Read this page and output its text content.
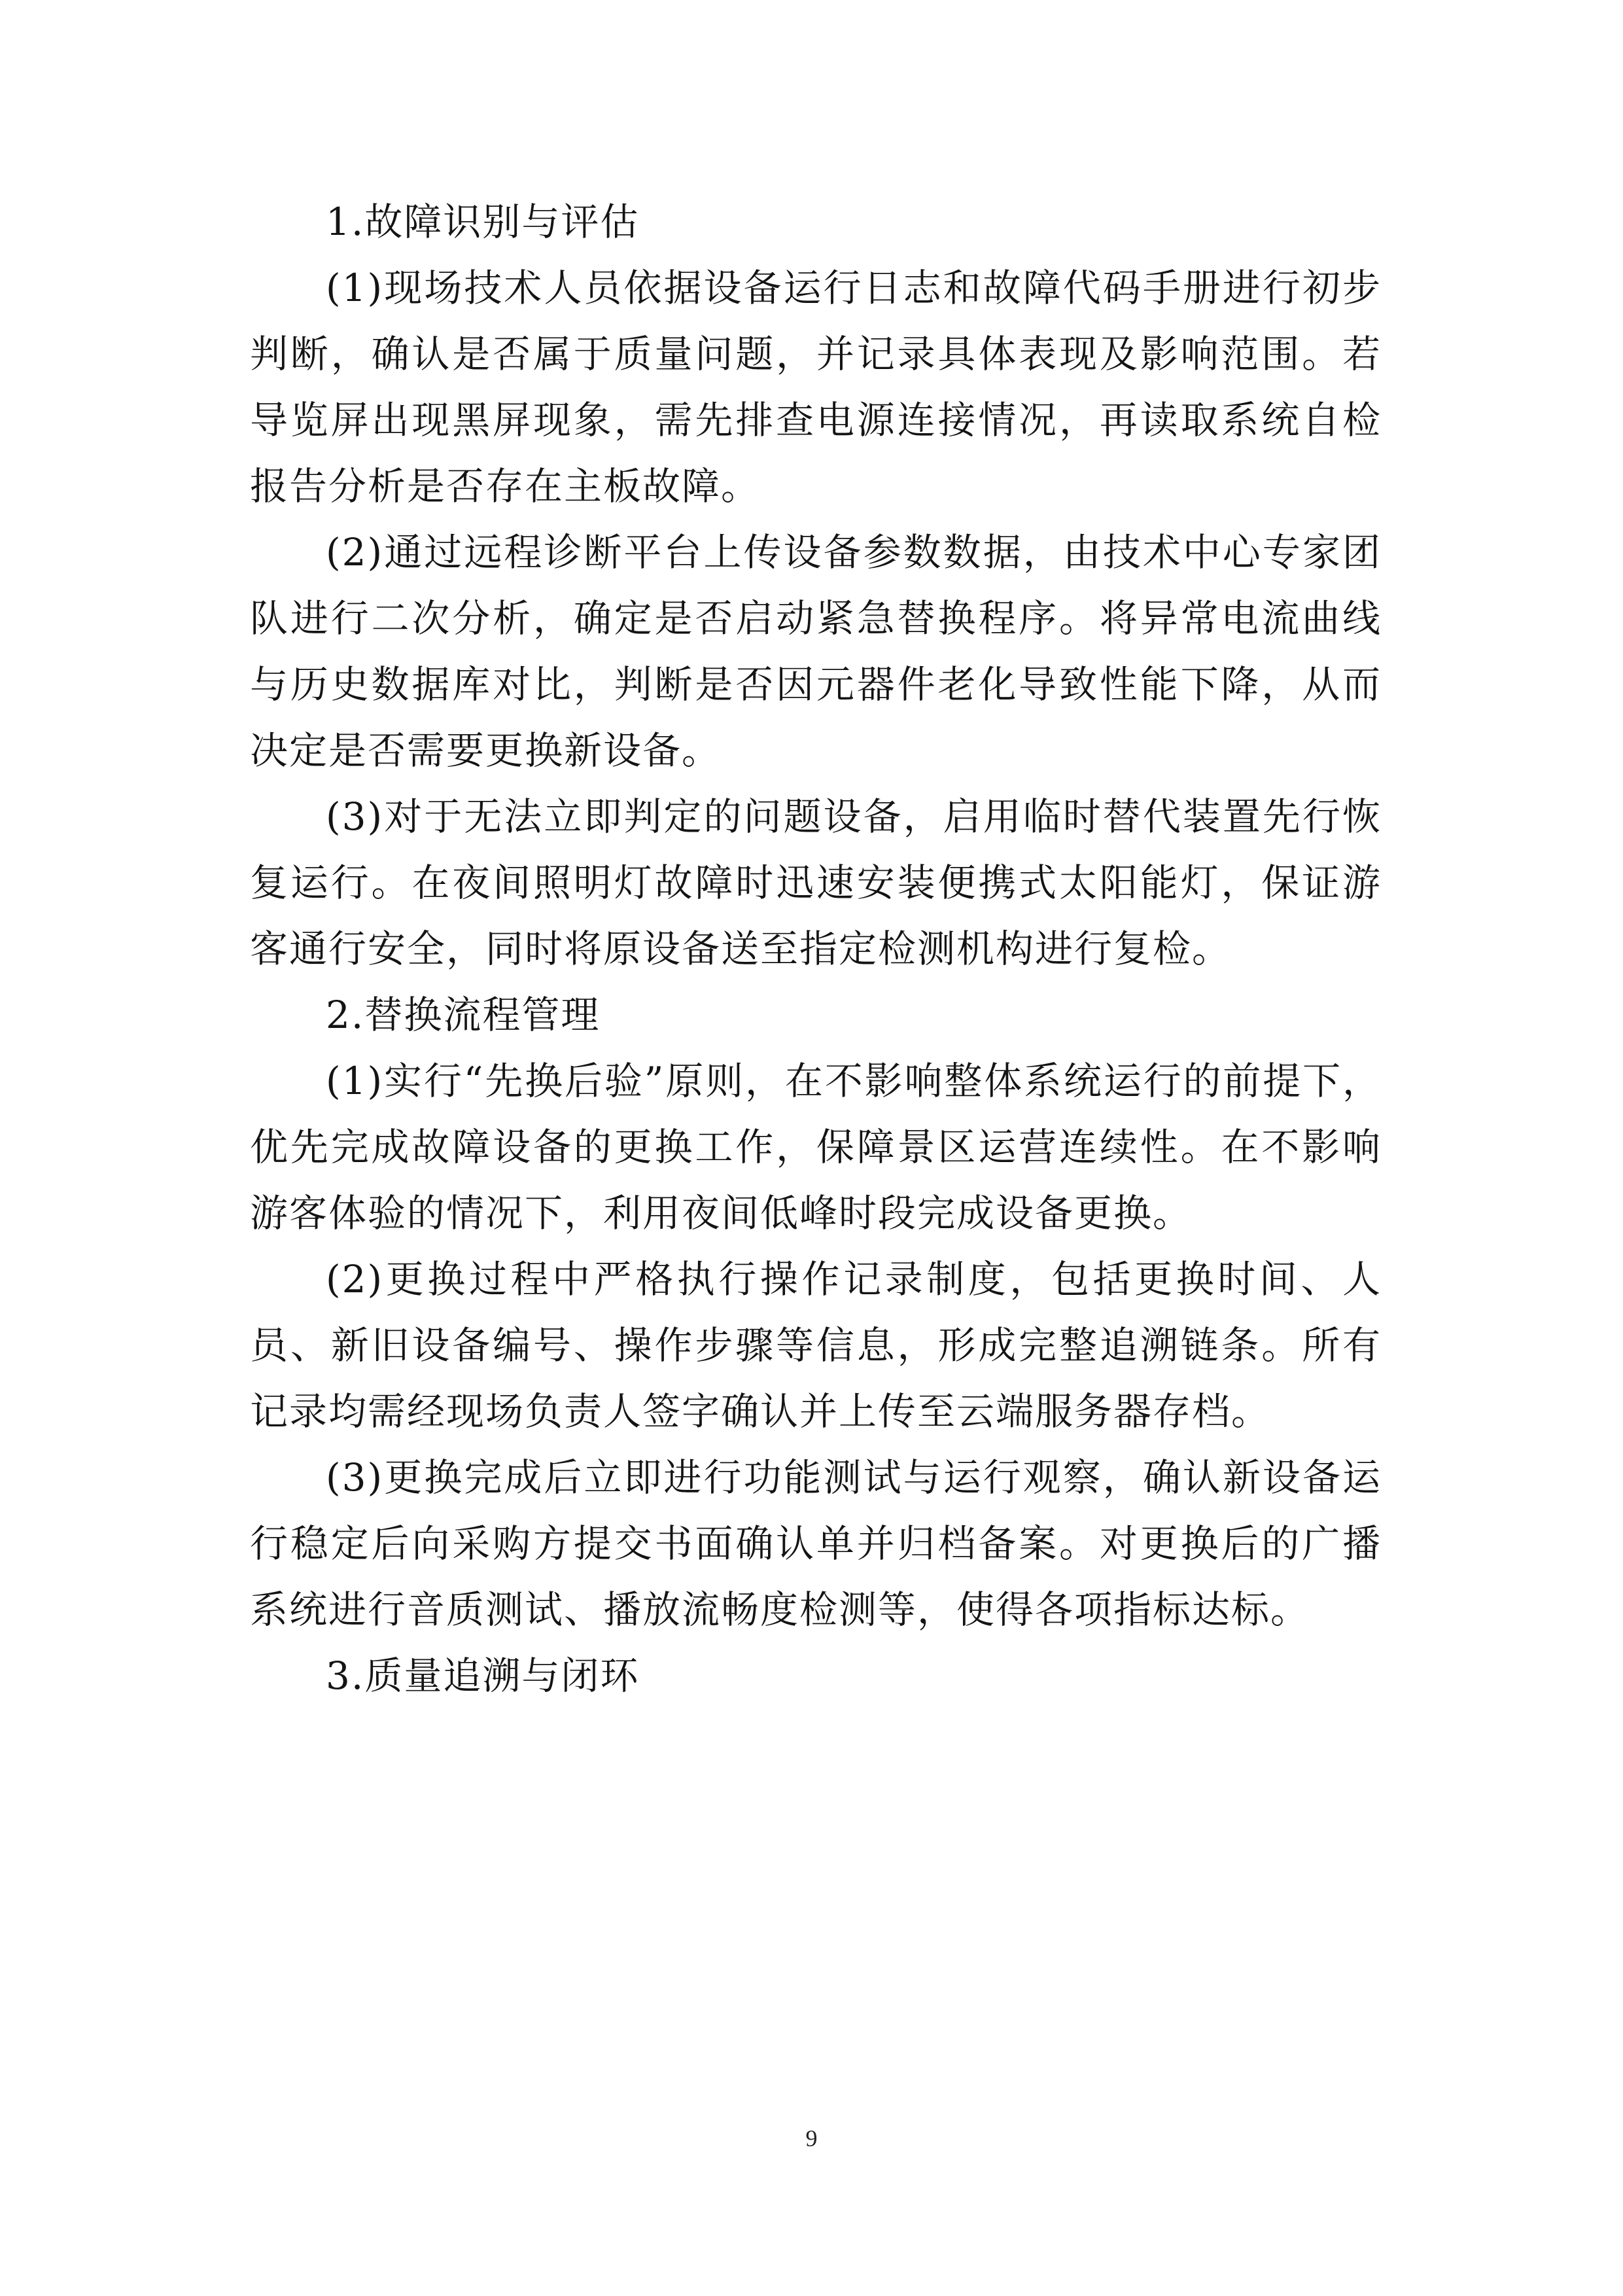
1.故障识别与评估

(1)现场技术人员依据设备运行日志和故障代码手册进行初步判断，确认是否属于质量问题，并记录具体表现及影响范围。若导览屏出现黑屏现象，需先排查电源连接情况，再读取系统自检报告分析是否存在主板故障。

(2)通过远程诊断平台上传设备参数数据，由技术中心专家团队进行二次分析，确定是否启动紧急替换程序。将异常电流曲线与历史数据库对比，判断是否因元器件老化导致性能下降，从而决定是否需要更换新设备。

(3)对于无法立即判定的问题设备，启用临时替代装置先行恢复运行。在夜间照明灯故障时迅速安装便携式太阳能灯，保证游客通行安全，同时将原设备送至指定检测机构进行复检。

2.替换流程管理

(1)实行“先换后验”原则，在不影响整体系统运行的前提下，优先完成故障设备的更换工作，保障景区运营连续性。在不影响游客体验的情况下，利用夜间低峰时段完成设备更换。

(2)更换过程中严格执行操作记录制度，包括更换时间、人员、新旧设备编号、操作步骤等信息，形成完整追溯链条。所有记录均需经现场负责人签字确认并上传至云端服务器存档。

(3)更换完成后立即进行功能测试与运行观察，确认新设备运行稳定后向采购方提交书面确认单并归档备案。对更换后的广播系统进行音质测试、播放流畅度检测等，使得各项指标达标。

3.质量追溯与闭环

9
